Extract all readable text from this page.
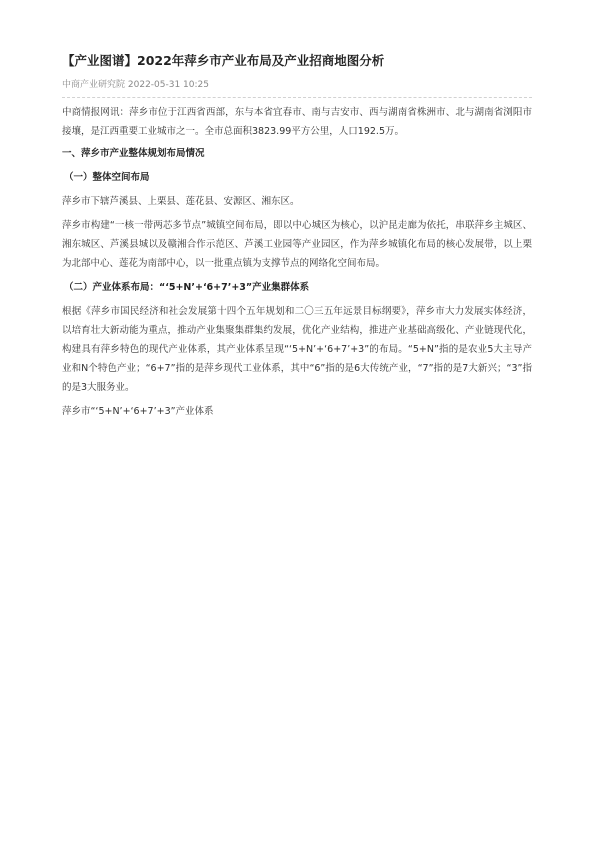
【产业图谱】2022年萍乡市产业布局及产业招商地图分析
中商产业研究院 2022-05-31 10:25

中商情报网讯：萍乡市位于江西省西部，东与本省宜春市、南与吉安市、西与湖南省株洲市、北与湖南省浏阳市接壤，是江西重要工业城市之一。全市总面积3823.99平方公里，人口192.5万。

一、萍乡市产业整体规划布局情况
（一）整体空间布局

萍乡市下辖芦溪县、上栗县、莲花县、安源区、湘东区。

萍乡市构建“一核一带两芯多节点”城镇空间布局，即以中心城区为核心，以沪昆走廊为依托，串联萍乡主城区、湘东城区、芦溪县城以及赣湘合作示范区、芦溪工业园等产业园区，作为萍乡城镇化布局的核心发展带，以上栗为北部中心、莲花为南部中心，以一批重点镇为支撑节点的网络化空间布局。

（二）产业体系布局：“‘5+N’+‘6+7’+3”产业集群体系

根据《萍乡市国民经济和社会发展第十四个五年规划和二〇三五年远景目标纲要》，萍乡市大力发展实体经济，以培育壮大新动能为重点，推动产业集聚集群集约发展，优化产业结构，推进产业基础高级化、产业链现代化，构建具有萍乡特色的现代产业体系，其产业体系呈现“‘5+N’+‘6+7’+3”的布局。“5+N”指的是农业5大主导产业和N个特色产业；“6+7”指的是萍乡现代工业体系，其中“6”指的是6大传统产业，“7”指的是7大新兴；“3”指的是3大服务业。

萍乡市“‘5+N’+‘6+7’+3”产业体系
